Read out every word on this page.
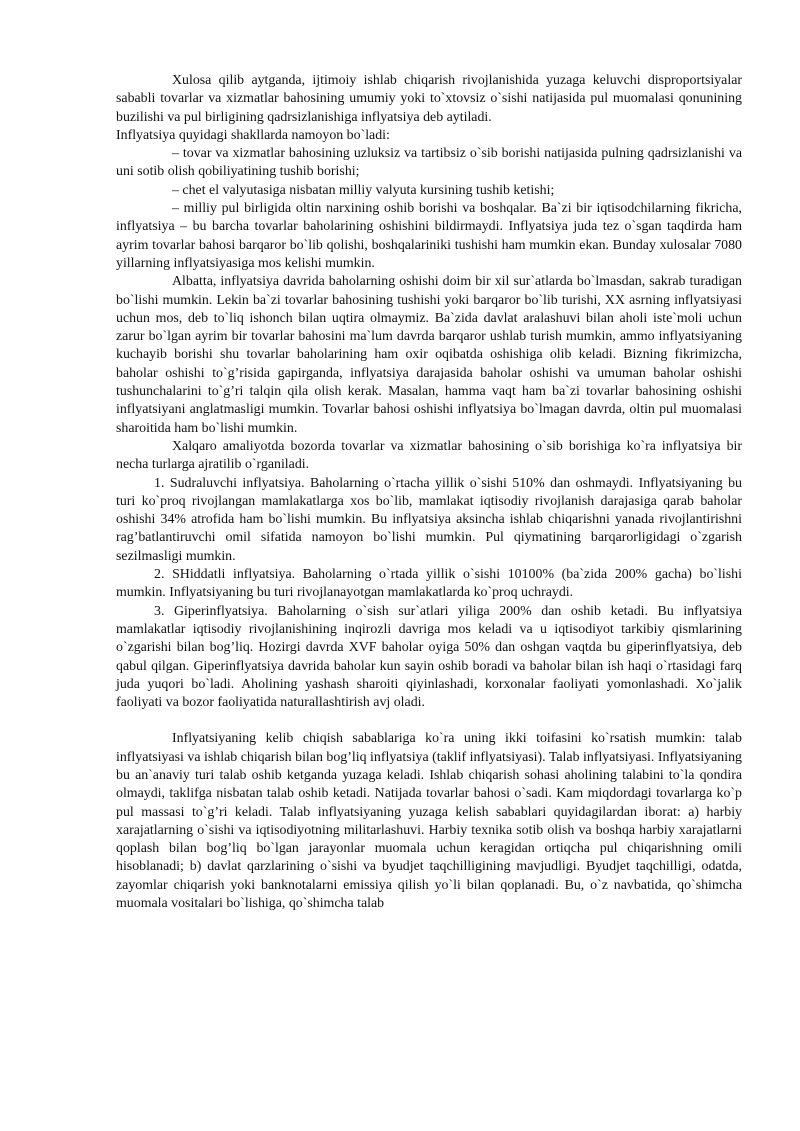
Xulosa qilib aytganda, ijtimoiy ishlab chiqarish rivojlanishida yuzaga keluvchi disproportsiyalar sababli tovarlar va xizmatlar bahosining umumiy yoki to`xtovsiz o`sishi natijasida pul muomalasi qonunining buzilishi va pul birligining qadrsizlanishiga inflyatsiya deb aytiladi.

Inflyatsiya quyidagi shakllarda namoyon bo`ladi:

– tovar va xizmatlar bahosining uzluksiz va tartibsiz o`sib borishi natijasida pulning qadrsizlanishi va uni sotib olish qobiliyatining tushib borishi;

– chet el valyutasiga nisbatan milliy valyuta kursining tushib ketishi;

– milliy pul birligida oltin narxining oshib borishi va boshqalar. Ba`zi bir iqtisodchilarning fikricha, inflyatsiya – bu barcha tovarlar baholarining oshishini bildirmaydi. Inflyatsiya juda tez o`sgan taqdirda ham ayrim tovarlar bahosi barqaror bo`lib qolishi, boshqalariniki tushishi ham mumkin ekan. Bunday xulosalar 7080 yillarning inflyatsiyasiga mos kelishi mumkin.

Albatta, inflyatsiya davrida baholarning oshishi doim bir xil sur`atlarda bo`lmasdan, sakrab turadigan bo`lishi mumkin. Lekin ba`zi tovarlar bahosining tushishi yoki barqaror bo`lib turishi, XX asrning inflyatsiyasi uchun mos, deb to`liq ishonch bilan uqtira olmaymiz. Ba`zida davlat aralashuvi bilan aholi iste`moli uchun zarur bo`lgan ayrim bir tovarlar bahosini ma`lum davrda barqaror ushlab turish mumkin, ammo inflyatsiyaning kuchayib borishi shu tovarlar baholarining ham oxir oqibatda oshishiga olib keladi. Bizning fikrimizcha, baholar oshishi to`g’risida gapirganda, inflyatsiya darajasida baholar oshishi va umuman baholar oshishi tushunchalarini to`g’ri talqin qila olish kerak. Masalan, hamma vaqt ham ba`zi tovarlar bahosining oshishi inflyatsiyani anglatmasligi mumkin. Tovarlar bahosi oshishi inflyatsiya bo`lmagan davrda, oltin pul muomalasi sharoitida ham bo`lishi mumkin.

Xalqaro amaliyotda bozorda tovarlar va xizmatlar bahosining o`sib borishiga ko`ra inflyatsiya bir necha turlarga ajratilib o`rganiladi.

1. Sudraluvchi inflyatsiya. Baholarning o`rtacha yillik o`sishi 510% dan oshmaydi. Inflyatsiyaning bu turi ko`proq rivojlangan mamlakatlarga xos bo`lib, mamlakat iqtisodiy rivojlanish darajasiga qarab baholar oshishi 34% atrofida ham bo`lishi mumkin. Bu inflyatsiya aksincha ishlab chiqarishni yanada rivojlantirishni rag’batlantiruvchi omil sifatida namoyon bo`lishi mumkin. Pul qiymatining barqarorligidagi o`zgarish sezilmasligi mumkin.

2. SHiddatli inflyatsiya. Baholarning o`rtada yillik o`sishi 10100% (ba`zida 200% gacha) bo`lishi mumkin. Inflyatsiyaning bu turi rivojlanayotgan mamlakatlarda ko`proq uchraydi.

3. Giperinflyatsiya. Baholarning o`sish sur`atlari yiliga 200% dan oshib ketadi. Bu inflyatsiya mamlakatlar iqtisodiy rivojlanishining inqirozli davriga mos keladi va u iqtisodiyot tarkibiy qismlarining o`zgarishi bilan bog’liq. Hozirgi davrda XVF baholar oyiga 50% dan oshgan vaqtda bu giperinflyatsiya, deb qabul qilgan. Giperinflyatsiya davrida baholar kun sayin oshib boradi va baholar bilan ish haqi o`rtasidagi farq juda yuqori bo`ladi. Aholining yashash sharoiti qiyinlashadi, korxonalar faoliyati yomonlashadi. Xo`jalik faoliyati va bozor faoliyatida naturallashtirish avj oladi.

Inflyatsiyaning kelib chiqish sabablariga ko`ra uning ikki toifasini ko`rsatish mumkin: talab inflyatsiyasi va ishlab chiqarish bilan bog’liq inflyatsiya (taklif inflyatsiyasi). Talab inflyatsiyasi. Inflyatsiyaning bu an`anaviy turi talab oshib ketganda yuzaga keladi. Ishlab chiqarish sohasi aholining talabini to`la qondira olmaydi, taklifga nisbatan talab oshib ketadi. Natijada tovarlar bahosi o`sadi. Kam miqdordagi tovarlarga ko`p pul massasi to`g’ri keladi. Talab inflyatsiyaning yuzaga kelish sabablari quyidagilardan iborat: a) harbiy xarajatlarning o`sishi va iqtisodiyotning militarlashuvi. Harbiy texnika sotib olish va boshqa harbiy xarajatlarni qoplash bilan bog’liq bo`lgan jarayonlar muomala uchun keragidan ortiqcha pul chiqarishning omili hisoblanadi; b) davlat qarzlarining o`sishi va byudjet taqchilligining mavjudligi. Byudjet taqchilligi, odatda, zayomlar chiqarish yoki banknotalarni emissiya qilish yo`li bilan qoplanadi. Bu, o`z navbatida, qo`shimcha muomala vositalari bo`lishiga, qo`shimcha talab
